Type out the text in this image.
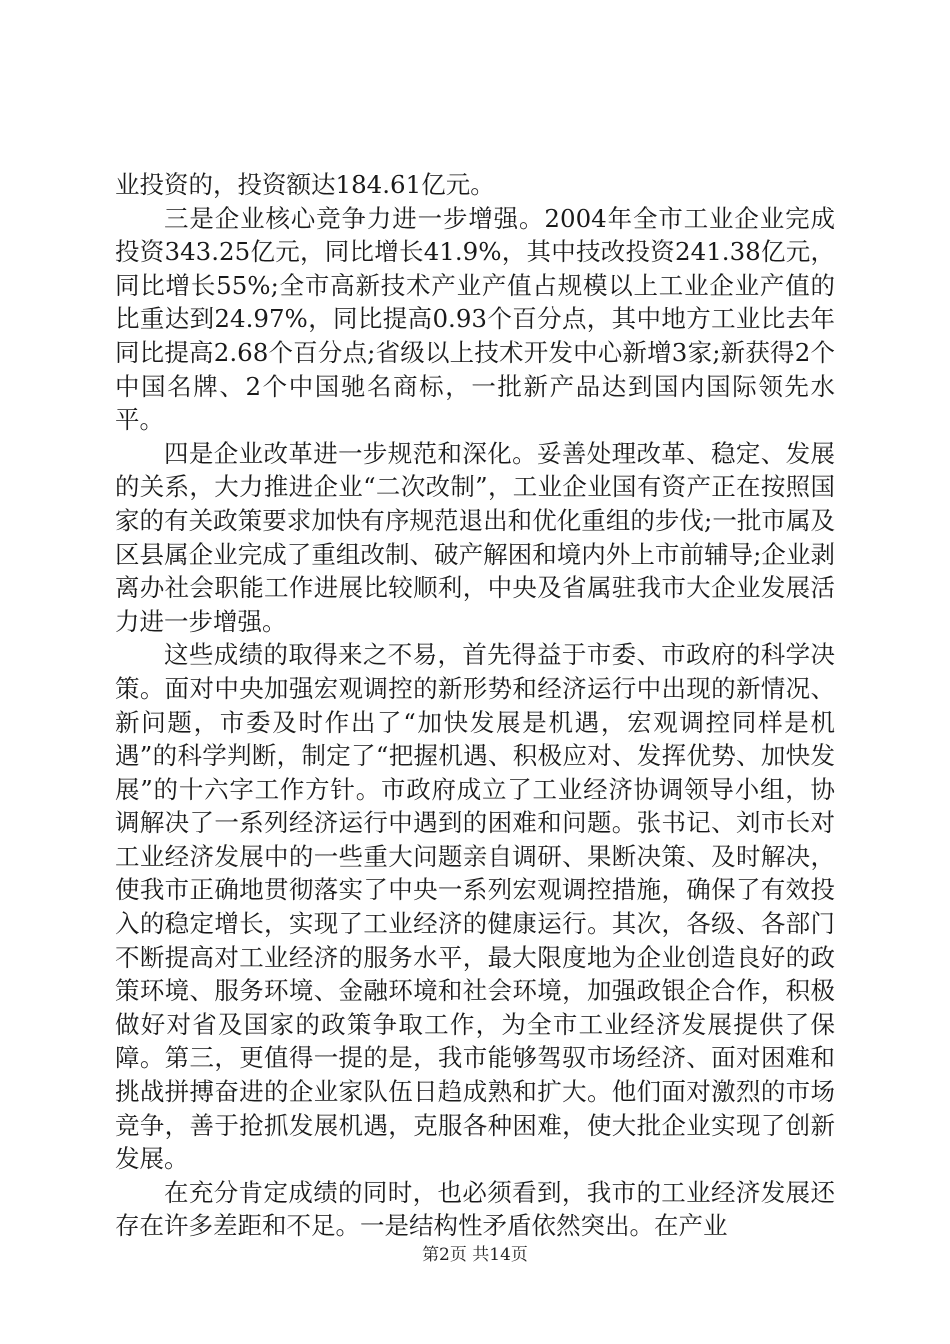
业投资的，投资额达184.61亿元。

三是企业核心竞争力进一步增强。2004年全市工业企业完成投资343.25亿元，同比增长41.9%，其中技改投资241.38亿元，同比增长55%;全市高新技术产业产值占规模以上工业企业产值的比重达到24.97%，同比提高0.93个百分点，其中地方工业比去年同比提高2.68个百分点;省级以上技术开发中心新增3家;新获得2个中国名牌、2个中国驰名商标，一批新产品达到国内国际领先水平。

四是企业改革进一步规范和深化。妥善处理改革、稳定、发展的关系，大力推进企业“二次改制”，工业企业国有资产正在按照国家的有关政策要求加快有序规范退出和优化重组的步伐;一批市属及区县属企业完成了重组改制、破产解困和境内外上市前辅导;企业剥离办社会职能工作进展比较顺利，中央及省属驻我市大企业发展活力进一步增强。

这些成绩的取得来之不易，首先得益于市委、市政府的科学决策。面对中央加强宏观调控的新形势和经济运行中出现的新情况、新问题，市委及时作出了“加快发展是机遇，宏观调控同样是机遇”的科学判断，制定了“把握机遇、积极应对、发挥优势、加快发展”的十六字工作方针。市政府成立了工业经济协调领导小组，协调解决了一系列经济运行中遇到的困难和问题。张书记、刘市长对工业经济发展中的一些重大问题亲自调研、果断决策、及时解决，使我市正确地贯彻落实了中央一系列宏观调控措施，确保了有效投入的稳定增长，实现了工业经济的健康运行。其次，各级、各部门不断提高对工业经济的服务水平，最大限度地为企业创造良好的政策环境、服务环境、金融环境和社会环境，加强政银企合作，积极做好对省及国家的政策争取工作，为全市工业经济发展提供了保障。第三，更值得一提的是，我市能够驾驭市场经济、面对困难和挑战拼搏奋进的企业家队伍日趋成熟和扩大。他们面对激烈的市场竞争，善于抢抓发展机遇，克服各种困难，使大批企业实现了创新发展。

在充分肯定成绩的同时，也必须看到，我市的工业经济发展还存在许多差距和不足。一是结构性矛盾依然突出。在产业

第2页 共14页
